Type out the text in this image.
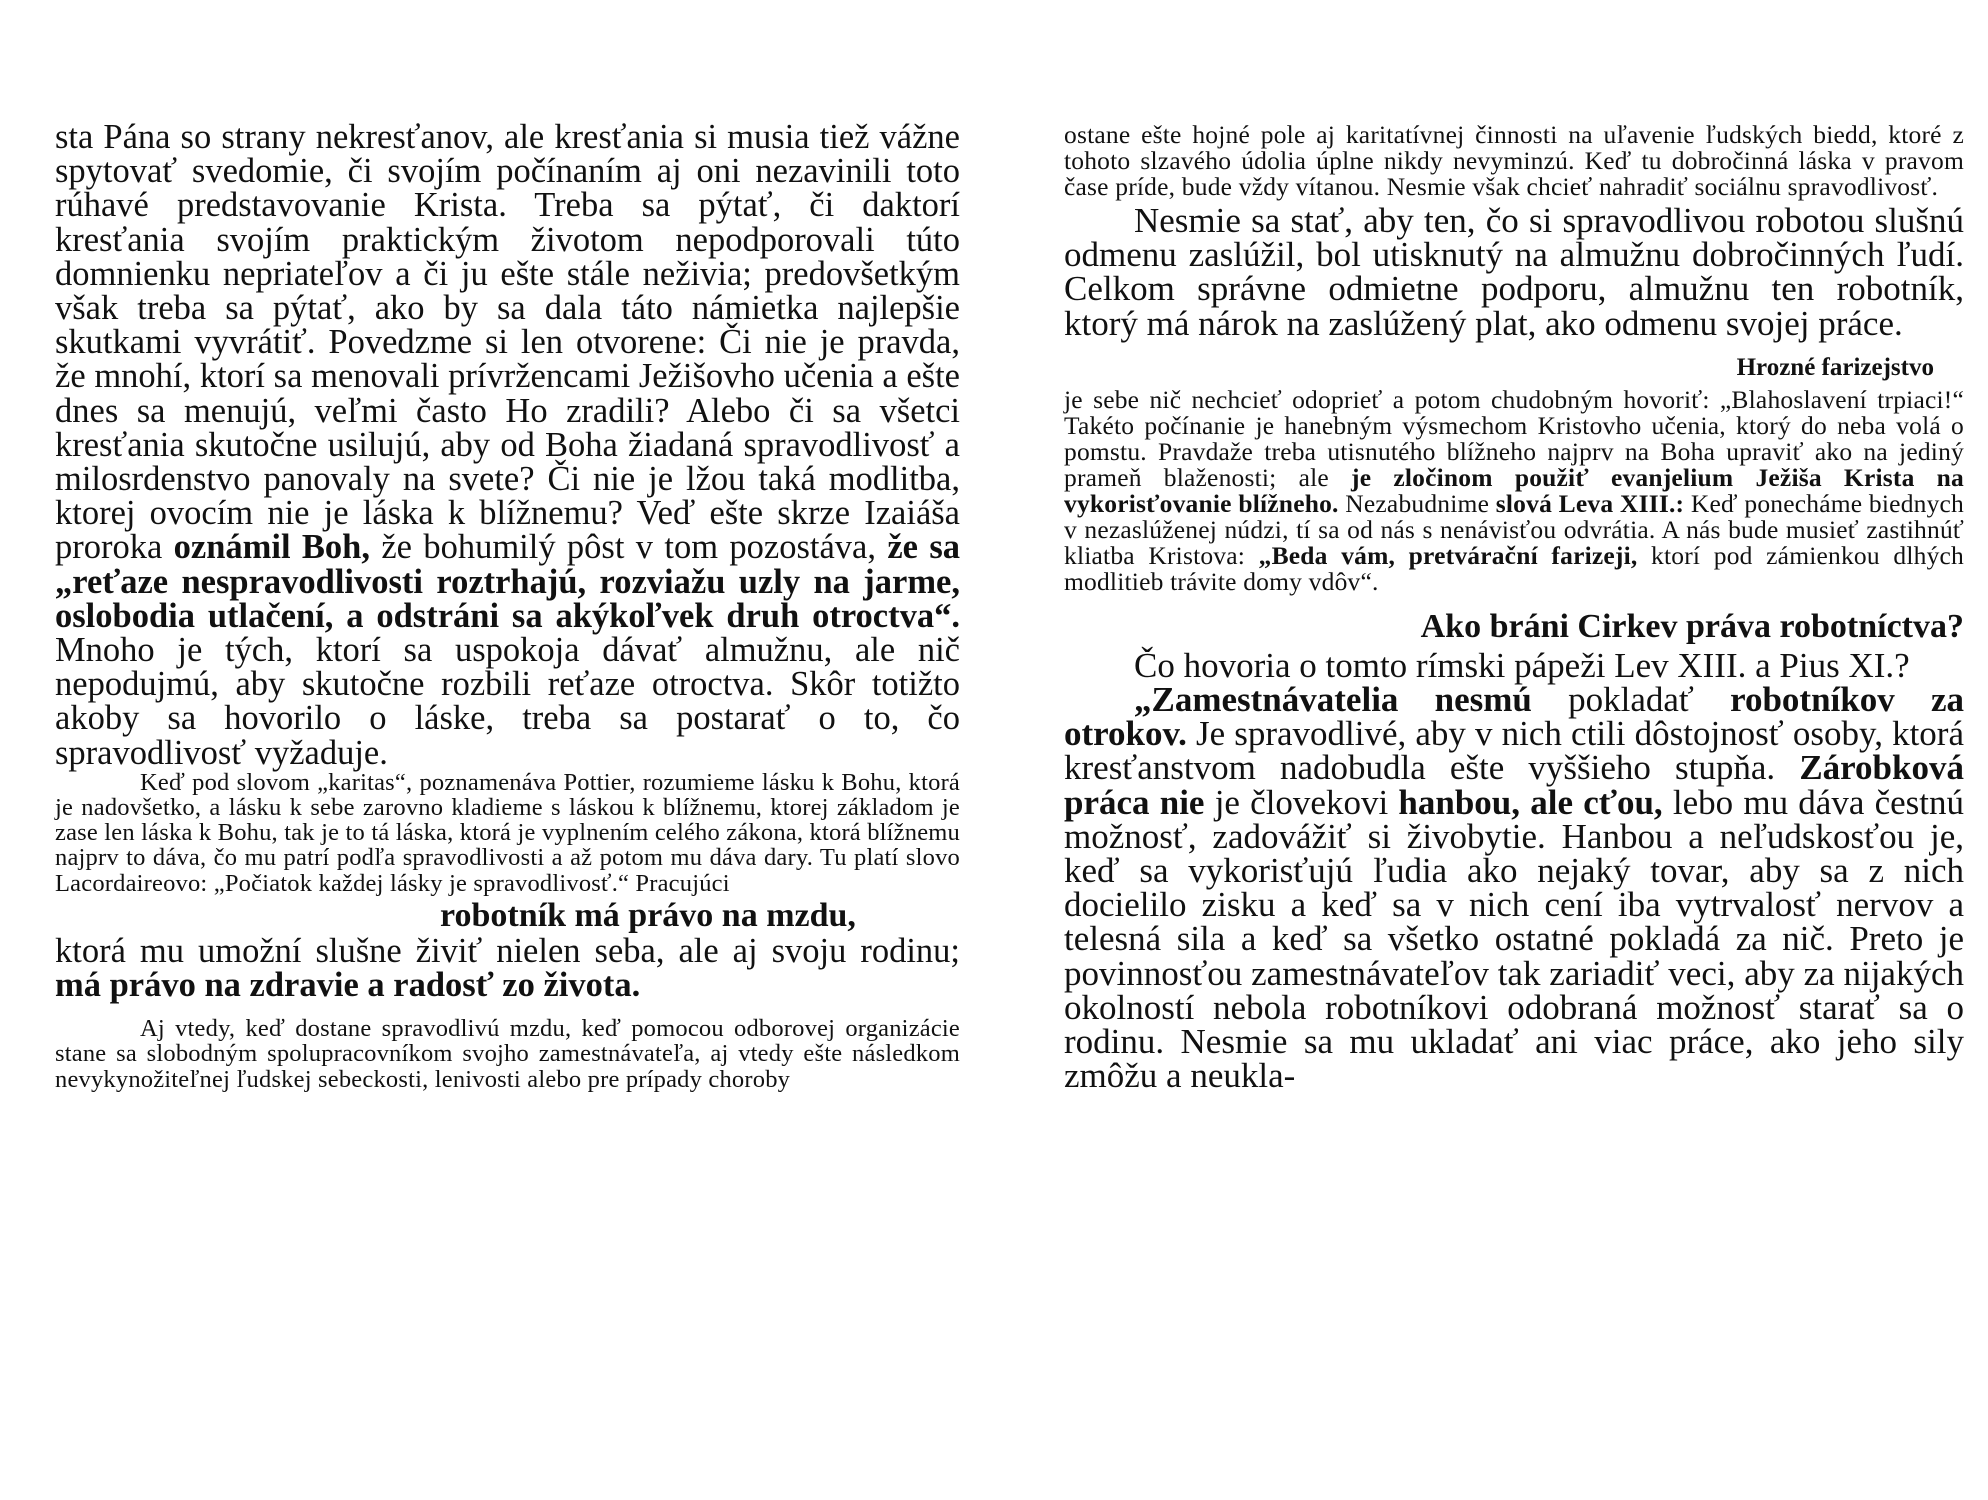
sta Pána so strany nekresťanov, ale kresťania si musia tiež vážne spytovať svedomie, či svojím počínaním aj oni nezavinili toto rúhavé predstavovanie Krista. Treba sa pýtať, či daktorí kresťania svojím praktickým životom nepodporovali túto domnienku nepriateľov a či ju ešte stále neživia; predovšetkým však treba sa pýtať, ako by sa dala táto námietka najlepšie skutkami vyvrátiť. Povedzme si len otvorene: Či nie je pravda, že mnohí, ktorí sa menovali prívržencami Ježišovho učenia a ešte dnes sa menujú, veľmi často Ho zradili? Alebo či sa všetci kresťania skutočne usilujú, aby od Boha žiadaná spravodlivosť a milosrdenstvo panovaly na svete? Či nie je lžou taká modlitba, ktorej ovocím nie je láska k blížnemu? Veď ešte skrze Izaiáša proroka oznámil Boh, že bohumilý pôst v tom pozostáva, že sa „reťaze nespravodlivosti roztrhajú, rozviažu uzly na jarme, oslobodia utlačení, a odstráni sa akýkoľvek druh otroctva“. Mnoho je tých, ktorí sa uspokoja dávať almužnu, ale nič nepodujmú, aby skutočne rozbili reťaze otroctva. Skôr totižto akoby sa hovorilo o láske, treba sa postarať o to, čo spravodlivosť vyžaduje.

Keď pod slovom „karitas“, poznamenáva Pottier, rozumieme lásku k Bohu, ktorá je nadovšetko, a lásku k sebe zarovno kladieme s láskou k blížnemu, ktorej základom je zase len láska k Bohu, tak je to tá láska, ktorá je vyplnením celého zákona, ktorá blížnemu najprv to dáva, čo mu patrí podľa spravodlivosti a až potom mu dáva dary. Tu platí slovo Lacordaireovo: „Počiatok každej lásky je spravodlivosť.“ Pracujúci

robotník má právo na mzdu,

ktorá mu umožní slušne živiť nielen seba, ale aj svoju rodinu; má právo na zdravie a radosť zo života.

Aj vtedy, keď dostane spravodlivú mzdu, keď pomocou odborovej organizácie stane sa slobodným spolupracovníkom svojho zamestnávateľa, aj vtedy ešte následkom nevykynožiteľnej ľudskej sebeckosti, lenivosti alebo pre prípady choroby

ostane ešte hojné pole aj karitatívnej činnosti na uľavenie ľudských biedd, ktoré z tohoto slzavého údolia úplne nikdy nevyminzú. Keď tu dobročinná láska v pravom čase príde, bude vždy vítanou. Nesmie však chcieť nahradiť sociálnu spravodlivosť.

Nesmie sa stať, aby ten, čo si spravodlivou robotou slušnú odmenu zaslúžil, bol utisknutý na almužnu dobročinných ľudí. Celkom správne odmietne podporu, almužnu ten robotník, ktorý má nárok na zaslúžený plat, ako odmenu svojej práce.

Hrozné farizejstvo

je sebe nič nechcieť odoprieť a potom chudobným hovoriť: „Blahoslavení trpiaci!“ Takéto počínanie je hanebným výsmechom Kristovho učenia, ktorý do neba volá o pomstu. Pravdaže treba utisnutého blížneho najprv na Boha upraviť ako na jediný prameň blaženosti; ale je zločinom použiť evanjelium Ježiša Krista na vykorisťovanie blížneho. Nezabudnime slová Leva XIII.: Keď ponecháme biednych v nezaslúženej núdzi, tí sa od nás s nenávisťou odvrátia. A nás bude musieť zastihnúť kliatba Kristova: „Beda vám, pretvárační farizeji, ktorí pod zámienkou dlhých modlitieb trávite domy vdôv“.

Ako bráni Cirkev práva robotníctva?

Čo hovoria o tomto rímski pápeži Lev XIII. a Pius XI.?

„Zamestnávatelia nesmú pokladať robotníkov za otrokov. Je spravodlivé, aby v nich ctili dôstojnosť osoby, ktorá kresťanstvom nadobudla ešte vyššieho stupňa. Zárobková práca nie je človekovi hanbou, ale cťou, lebo mu dáva čestnú možnosť, zadovážiť si živobytie. Hanbou a neľudskosťou je, keď sa vykorisťujú ľudia ako nejaký tovar, aby sa z nich docielilo zisku a keď sa v nich cení iba vytrvalosť nervov a telesná sila a keď sa všetko ostatné pokladá za nič. Preto je povinnosťou zamestnávateľov tak zariadiť veci, aby za nijakých okolností nebola robotníkovi odobraná možnosť starať sa o rodinu. Nesmie sa mu ukladať ani viac práce, ako jeho sily zmôžu a neukla-
